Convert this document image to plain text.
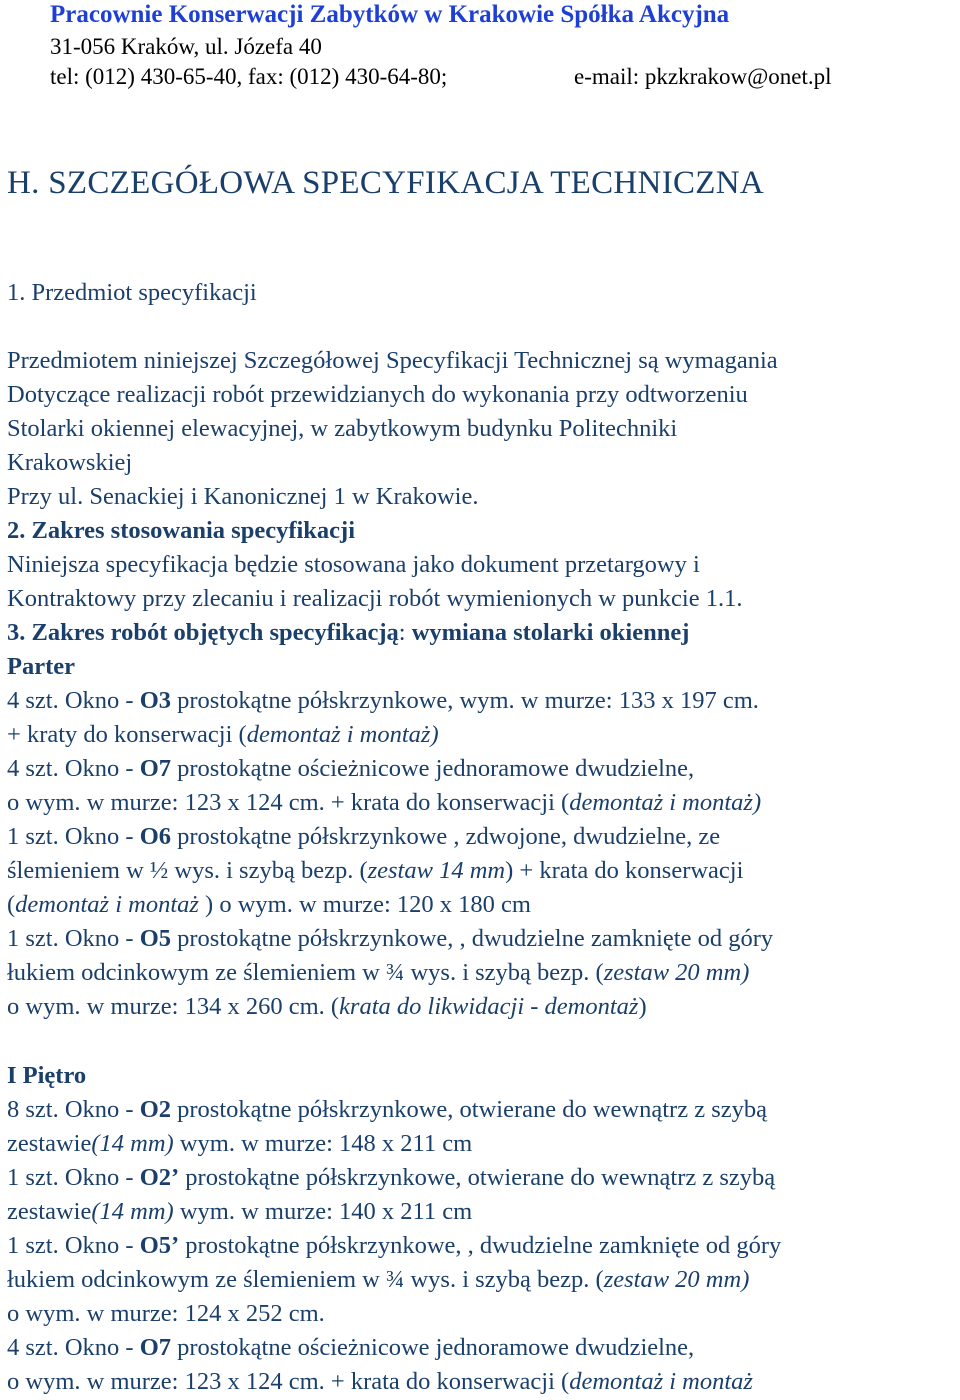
Pracownie Konserwacji Zabytków w Krakowie Spółka Akcyjna

31-056 Kraków, ul. Józefa 40

tel: (012) 430-65-40, fax: (012) 430-64-80;	e-mail: pkzkrakow@onet.pl

H. SZCZEGÓŁOWA SPECYFIKACJA TECHNICZNA

1. Przedmiot specyfikacji

Przedmiotem niniejszej Szczegółowej Specyfikacji Technicznej są wymagania

Dotyczące realizacji robót przewidzianych do wykonania przy odtworzeniu

Stolarki okiennej elewacyjnej, w zabytkowym budynku Politechniki

Krakowskiej

Przy ul. Senackiej i Kanonicznej 1 w Krakowie.

2. Zakres stosowania specyfikacji

Niniejsza specyfikacja będzie stosowana jako dokument przetargowy i

Kontraktowy przy zlecaniu i realizacji robót wymienionych w punkcie 1.1.

3. Zakres robót objętych specyfikacją: wymiana stolarki okiennej

Parter

4 szt. Okno - O3 prostokątne półskrzynkowe, wym. w murze: 133 x 197 cm.

+ kraty do konserwacji (demontaż i montaż)

4 szt. Okno - O7 prostokątne ościeżnicowe jednoramowe dwudzielne,

o wym. w murze: 123 x 124 cm. + krata do konserwacji (demontaż i montaż)

1 szt. Okno - O6 prostokątne półskrzynkowe , zdwojone, dwudzielne, ze

ślemieniem w ½ wys. i szybą bezp. (zestaw 14 mm) + krata do konserwacji

(demontaż i montaż ) o wym. w murze: 120 x 180 cm

1 szt. Okno - O5 prostokątne półskrzynkowe, , dwudzielne zamknięte od góry

łukiem odcinkowym ze ślemieniem w ¾ wys. i szybą bezp. (zestaw 20 mm)

o wym. w murze: 134 x 260 cm. (krata do likwidacji - demontaż)

I Piętro

8 szt. Okno - O2 prostokątne półskrzynkowe, otwierane do wewnątrz z szybą

zestawie(14 mm) wym. w murze: 148 x 211 cm

1 szt. Okno - O2’ prostokątne półskrzynkowe, otwierane do wewnątrz z szybą

zestawie(14 mm) wym. w murze: 140 x 211 cm

1 szt. Okno - O5’ prostokątne półskrzynkowe, , dwudzielne zamknięte od góry

łukiem odcinkowym ze ślemieniem w ¾ wys. i szybą bezp. (zestaw 20 mm)

o wym. w murze: 124 x 252 cm.

4 szt. Okno - O7 prostokątne ościeżnicowe jednoramowe dwudzielne,

o wym. w murze: 123 x 124 cm. + krata do konserwacji (demontaż i montaż
